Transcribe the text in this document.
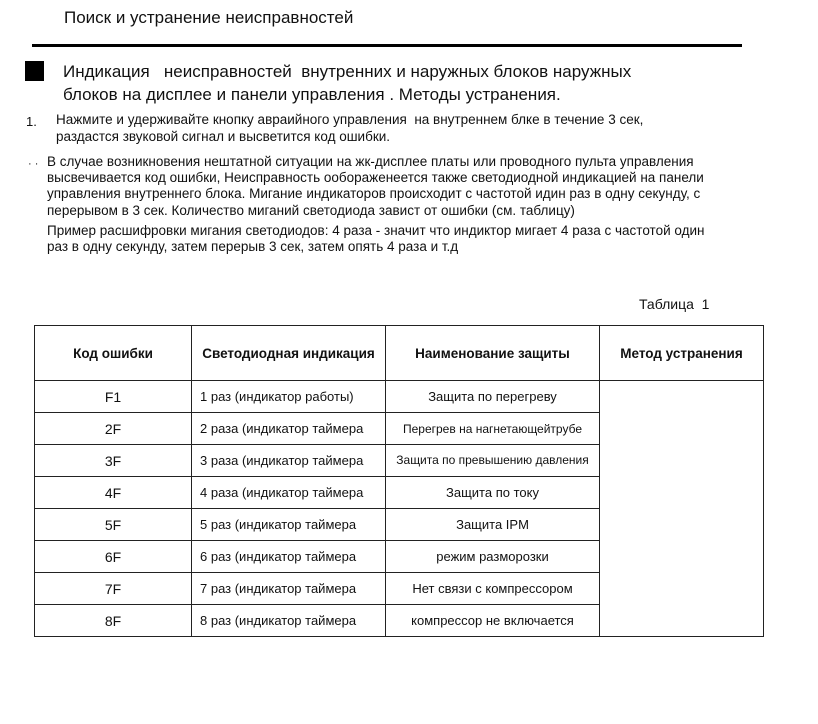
Поиск и устранение неисправностей
Индикация   неисправностей  внутренних и наружных блоков наружных
блоков на дисплее и панели управления . Методы устранения.
1. Нажмите и удерживайте кнопку авраийного управления  на внутреннем блке в течение 3 сек,
раздастся звуковой сигнал и высветится код ошибки.
· · В случае возникновения нештатной ситуации на жк-дисплее платы или проводного пульта управления
высвечивается код ошибки, Неисправность ообораженеется также светодиодной индикацией на панели
управления внутреннего блока. Мигание индикаторов происходит с частотой идин раз в одну секунду, с
перерывом в 3 сек. Количество миганий светодиода завист от ошибки (см. таблицу)
Пример расшифровки мигания светодиодов: 4 раза - значит что индиктор мигает 4 раза с частотой один
раз в одну секунду, затем перерыв 3 сек, затем опять 4 раза и т.д
Таблица  1
Код ошибки	Светодиодная индикация	Наименование защиты	Метод устранения
F1	1 раз (индикатор работы)	Защита по перегреву	
2F	2 раза (индикатор таймера	Перегрев на нагнетающейтрубе	
3F	3 раза (индикатор таймера	Защита по превышению давления	
4F	4 раза (индикатор таймера	Защита по току	
5F	5 раз (индикатор таймера	Защита IPM	
6F	6 раз (индикатор таймера	режим разморозки	
7F	7 раз (индикатор таймера	Нет связи с компрессором	
8F	8 раз (индикатор таймера	компрессор не включается	
